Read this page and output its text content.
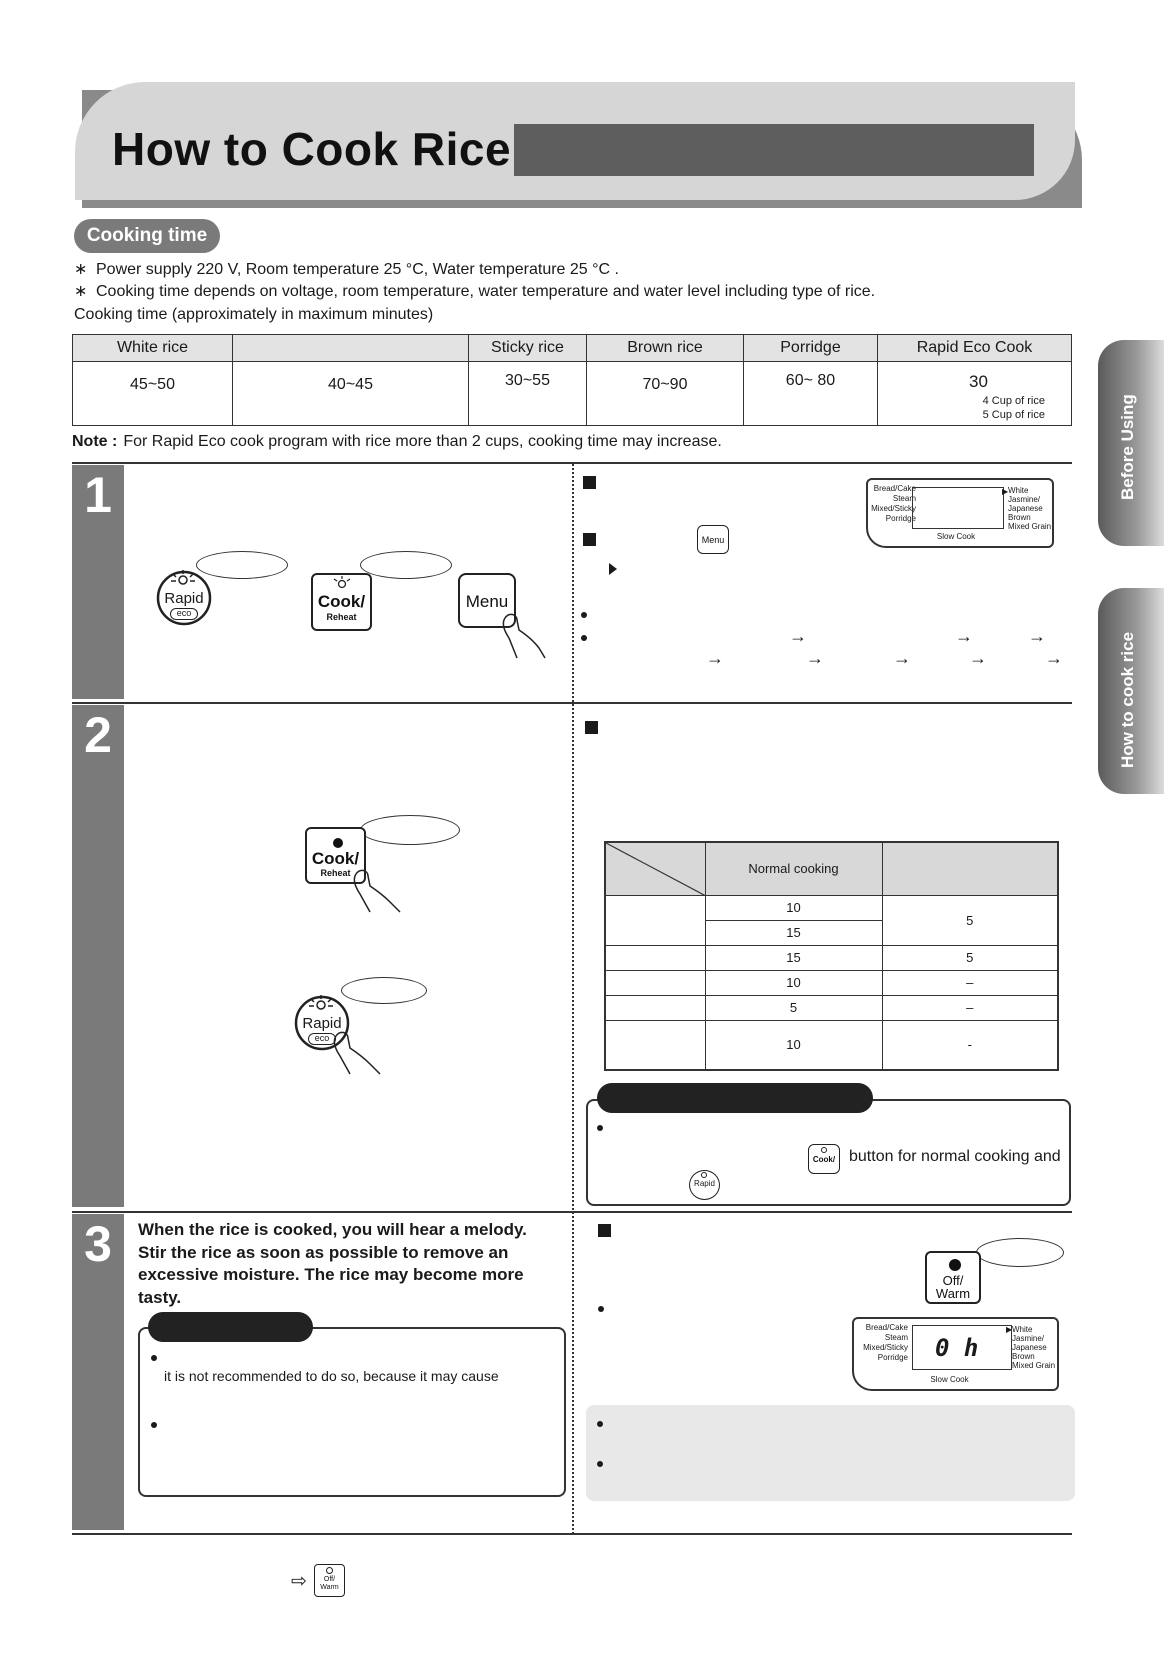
How to Cook Rice
Cooking time
∗ Power supply 220 V, Room temperature 25 °C, Water temperature 25 °C .
∗ Cooking time depends on voltage, room temperature, water temperature and water level including type of rice.
Cooking time (approximately in maximum minutes)
White rice		Sticky rice	Brown rice	Porridge	Rapid Eco Cook
45~50	40~45	30~55	70~90	60~ 80	30
4 Cup of rice
5 Cup of rice
Note : For Rapid Eco cook program with rice more than 2 cups, cooking time may increase.
1
2
3
Rapid
eco
Cook/
Reheat
Menu
Menu
→	→	→
→	→	→	→	→
Bread/Cake
Steam
Mixed/Sticky
Porridge
▶ White
Jasmine/
Japanese
Brown
Mixed Grain
Slow Cook
Cook/
Reheat
Rapid
eco
	Normal cooking	
	10	5
	15	
	15	5
	10	–
	5	–
	10	-
Cook/ button for normal cooking and
Rapid
When the rice is cooked, you will hear a melody. Stir the rice as soon as possible to remove an excessive moisture. The rice may become more tasty.
it is not recommended to do so, because it may cause
Off/
Warm
Bread/Cake
Steam
Mixed/Sticky
Porridge 0 h
▶ White
Jasmine/
Japanese
Brown
Mixed Grain
Slow Cook
Before Using
How to cook rice
⇨	Off/
Warm
